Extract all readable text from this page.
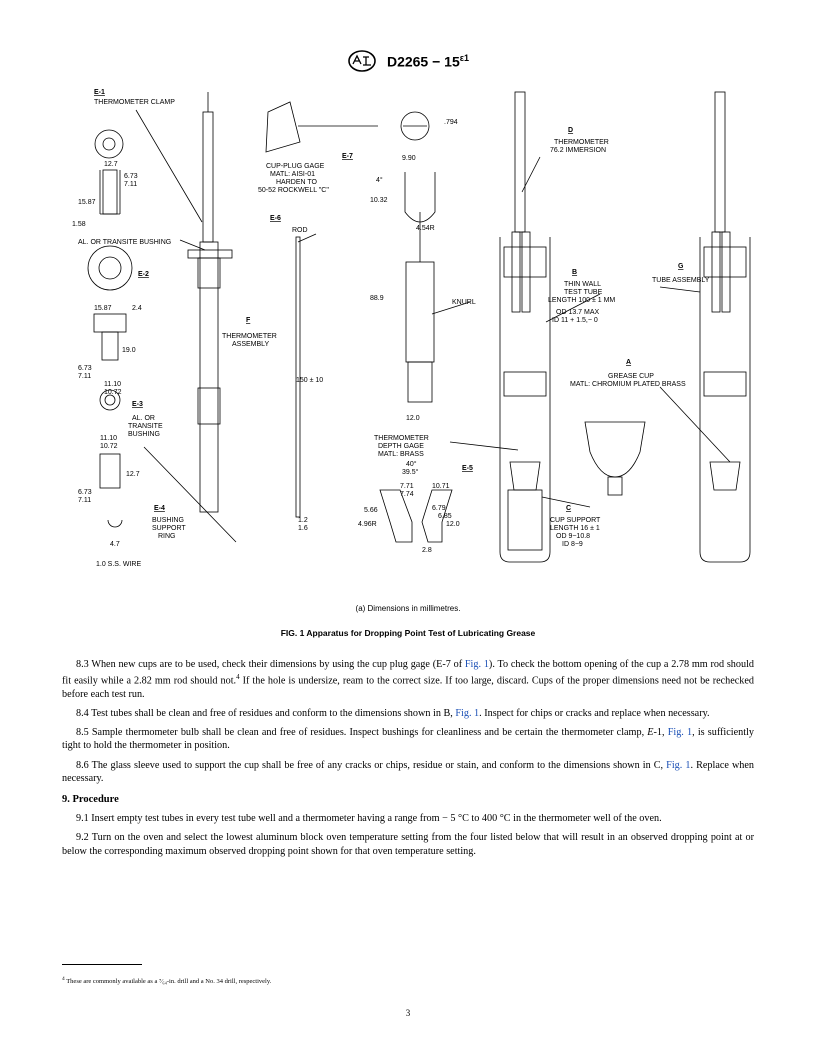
$D2265 - 15^{\varepsilon 1}$
E-1
THERMOMETER CLAMP
12.7
6.73
7.11
15.87
1.58
AL. OR TRANSITE BUSHING
E-2
15.87	2.4
19.0
6.73
7.11
11.10
10.72
E-3
AL. OR
TRANSITE
BUSHING
11.10
10.72
12.7
6.73
7.11
E-4
BUSHING
SUPPORT
RING
4.7
1.0 S.S. WIRE
F
THERMOMETER
ASSEMBLY
CUP-PLUG GAGE
MATL: AISI-01
HARDEN TO
50-52 ROCKWELL "C"
.794
E-6
ROD
150 ± 10
1.2
1.6
E-7	9.90
4°
10.32
4.54R
88.9
KNURL
12.0
THERMOMETER
DEPTH GAGE
MATL: BRASS
40°
39.5°
7.71
7.74
10.71
5.66
4.96R
6.79
6.85
12.0
2.8
E-5
D
THERMOMETER
76.2 IMMERSION
B
THIN WALL
TEST TUBE
LENGTH 100 ± 1 MM
OD 13.7 MAX
ID 11 + 1.5,− 0
G
TUBE ASSEMBLY
A
GREASE CUP
MATL: CHROMIUM PLATED BRASS
C
CUP SUPPORT
LENGTH 16 ± 1
OD 9−10.8
ID 8−9
(a) Dimensions in millimetres.
FIG. 1 Apparatus for Dropping Point Test of Lubricating Grease

8.3 When new cups are to be used, check their dimensions by using the cup plug gage (E-7 of Fig. 1). To check the bottom opening of the cup a 2.78 mm rod should fit easily while a 2.82 mm rod should not.$^4$ If the hole is undersize, ream to the correct size. If too large, discard. Cups of the proper dimensions need not be rechecked before each test run.

8.4 Test tubes shall be clean and free of residues and conform to the dimensions shown in B, Fig. 1. Inspect for chips or cracks and replace when necessary.

8.5 Sample thermometer bulb shall be clean and free of residues. Inspect bushings for cleanliness and be certain the thermometer clamp, E-1, Fig. 1, is sufficiently tight to hold the thermometer in position.

8.6 The glass sleeve used to support the cup shall be free of any cracks or chips, residue or stain, and conform to the dimensions shown in C, Fig. 1. Replace when necessary.

9. Procedure

9.1 Insert empty test tubes in every test tube well and a thermometer having a range from − 5 °C to 400 °C in the thermometer well of the oven.

9.2 Turn on the oven and select the lowest aluminum block oven temperature setting from the four listed below that will result in an observed dropping point at or below the corresponding maximum observed dropping point shown for that oven temperature setting.

$^4$ These are commonly available as a ⁷⁄₆₄-in. drill and a No. 34 drill, respectively.
3
